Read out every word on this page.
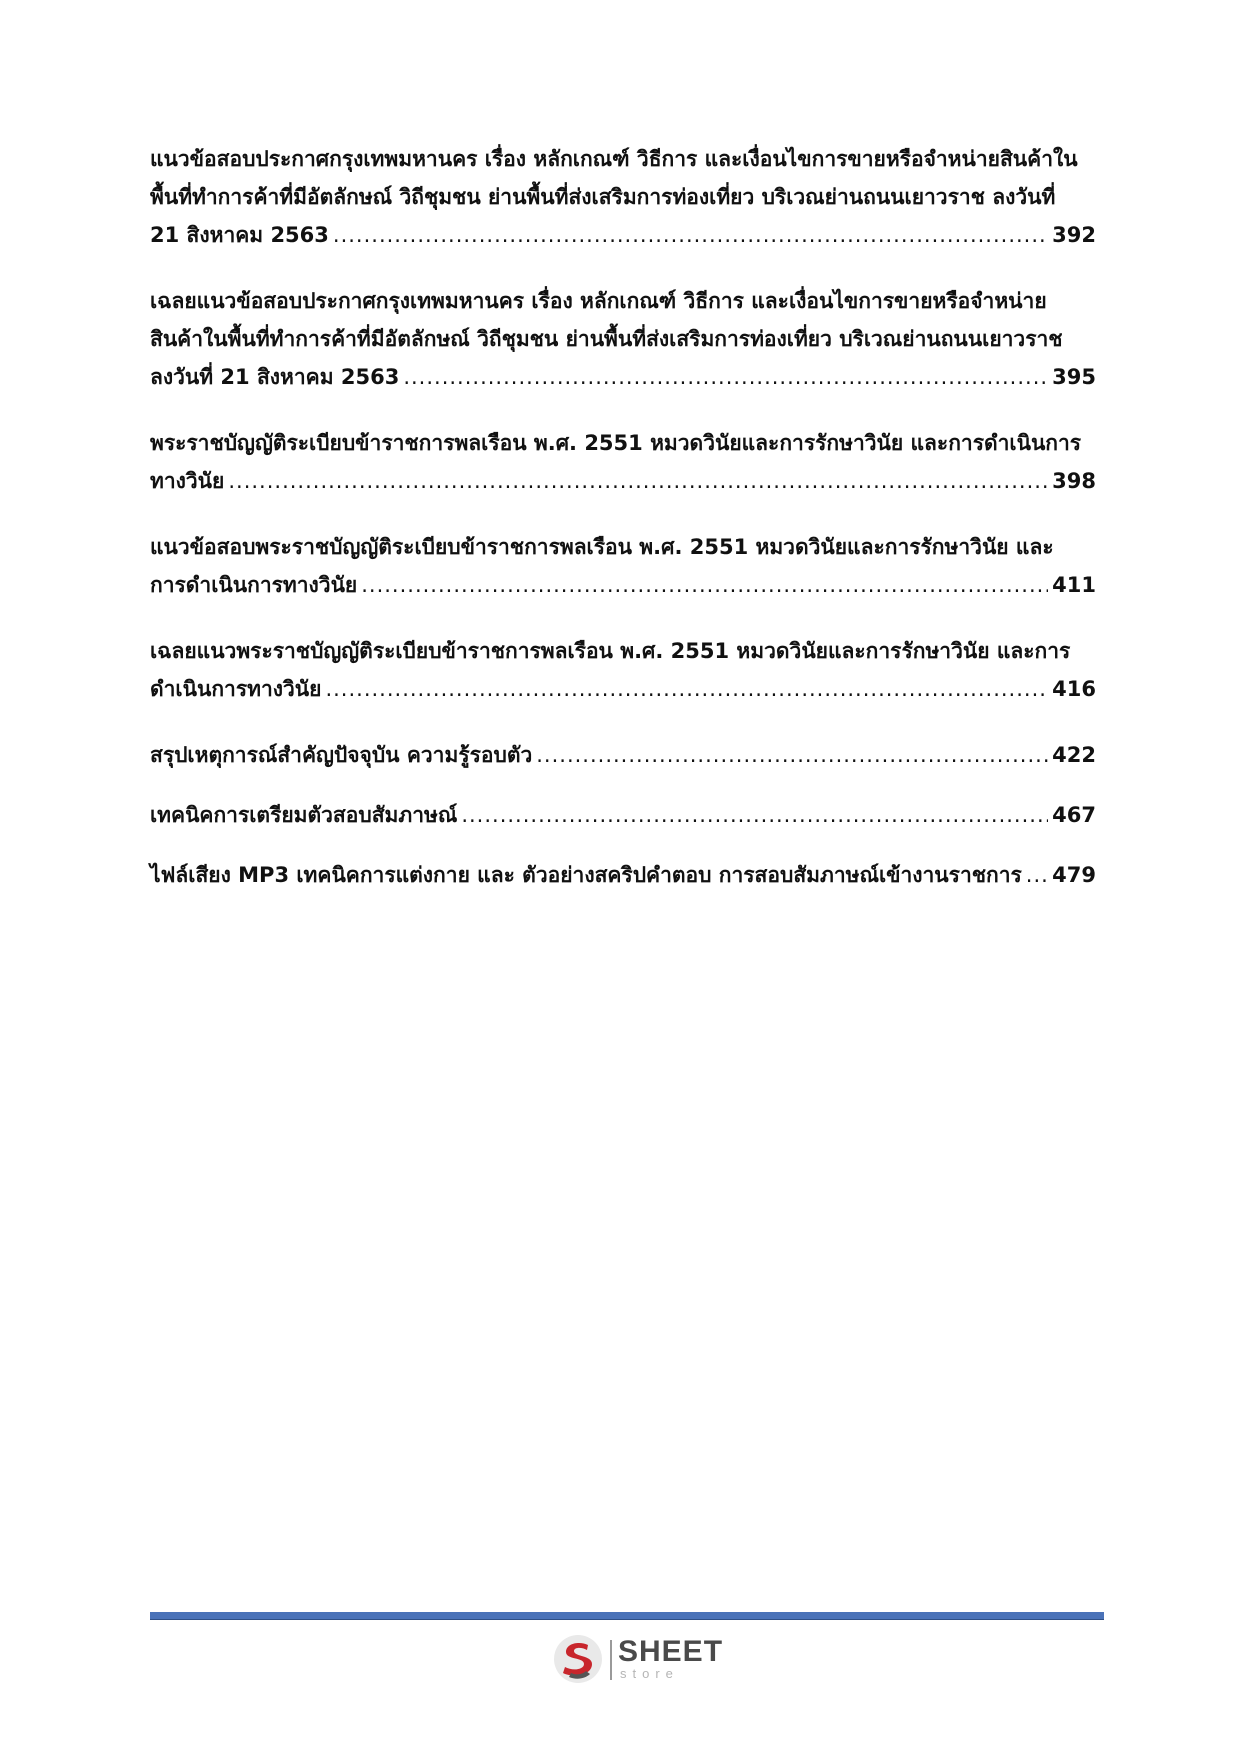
แนวข้อสอบประกาศกรุงเทพมหานคร เรื่อง หลักเกณฑ์ วิธีการ และเงื่อนไขการขายหรือจำหน่ายสินค้าใน
พื้นที่ทำการค้าที่มีอัตลักษณ์ วิถีชุมชน ย่านพื้นที่ส่งเสริมการท่องเที่ยว บริเวณย่านถนนเยาวราช ลงวันที่
21 สิงหาคม 2563 .....	392
เฉลยแนวข้อสอบประกาศกรุงเทพมหานคร เรื่อง หลักเกณฑ์ วิธีการ และเงื่อนไขการขายหรือจำหน่าย
สินค้าในพื้นที่ทำการค้าที่มีอัตลักษณ์ วิถีชุมชน ย่านพื้นที่ส่งเสริมการท่องเที่ยว บริเวณย่านถนนเยาวราช
ลงวันที่ 21 สิงหาคม 2563 .....	395
พระราชบัญญัติระเบียบข้าราชการพลเรือน พ.ศ. 2551 หมวดวินัยและการรักษาวินัย และการดำเนินการ
ทางวินัย .....	398
แนวข้อสอบพระราชบัญญัติระเบียบข้าราชการพลเรือน พ.ศ. 2551 หมวดวินัยและการรักษาวินัย และ
การดำเนินการทางวินัย .....	411
เฉลยแนวพระราชบัญญัติระเบียบข้าราชการพลเรือน พ.ศ. 2551 หมวดวินัยและการรักษาวินัย และการ
ดำเนินการทางวินัย .....	416
สรุปเหตุการณ์สำคัญปัจจุบัน ความรู้รอบตัว .....	422
เทคนิคการเตรียมตัวสอบสัมภาษณ์ .....	467
ไฟล์เสียง MP3 เทคนิคการแต่งกาย และ ตัวอย่างสคริปคำตอบ การสอบสัมภาษณ์เข้างานราชการ ..... 479
SHEET
store
